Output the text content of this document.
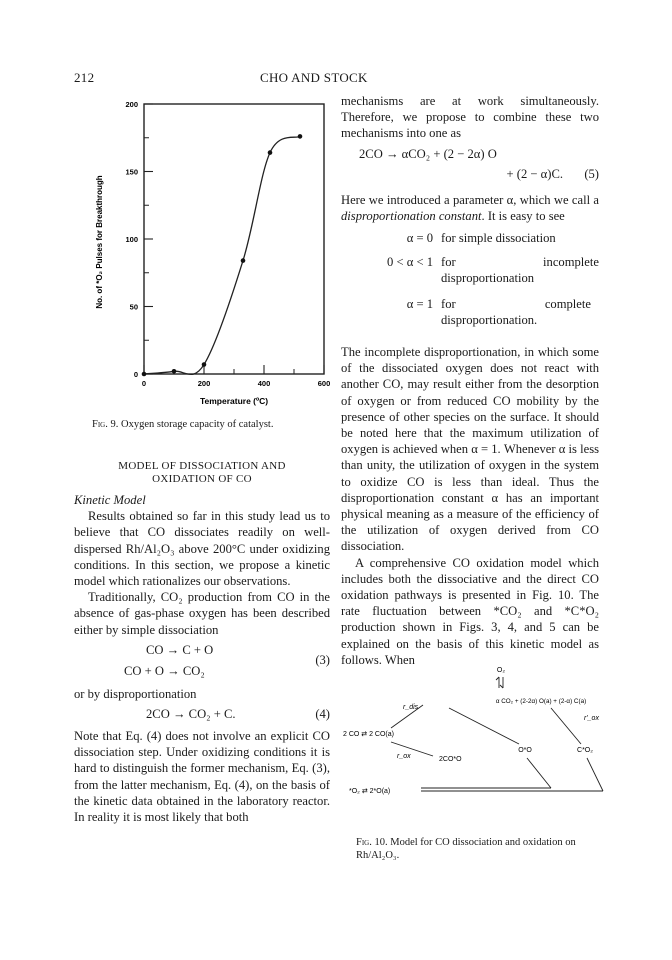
212	CHO AND STOCK
0
50
100
150
200
0	200	400	600
No. of *O₂ Pulses for Breakthrough
Temperature (ºC)
Fig. 9. Oxygen storage capacity of catalyst.
MODEL OF DISSOCIATION AND
OXIDATION OF CO
Kinetic Model

Results obtained so far in this study lead us to believe that CO dissociates readily on well-dispersed Rh/Al₂O₃ above 200°C under oxidizing conditions. In this section, we propose a kinetic model which rationalizes our observations.

Traditionally, CO₂ production from CO in the absence of gas-phase oxygen has been described either by simple dissociation

CO → C + O
CO + O → CO₂
(3)
or by disproportionation
2CO → CO₂ + C.	(4)

Note that Eq. (4) does not involve an explicit CO dissociation step. Under oxidizing conditions it is hard to distinguish the former mechanism, Eq. (3), from the latter mechanism, Eq. (4), on the basis of the kinetic data obtained in the laboratory reactor. In reality it is most likely that both

mechanisms are at work simultaneously. Therefore, we propose to combine these two mechanisms into one as

2CO → αCO₂ + (2 − 2α) O
+ (2 − α)C. (5)

Here we introduced a parameter α, which we call a disproportionation constant. It is easy to see

α = 0 for simple dissociation
0 < α < 1 for incomplete disproportionation
α = 1 for complete disproportionation.

The incomplete disproportionation, in which some of the dissociated oxygen does not react with another CO, may result either from the desorption of oxygen or from reduced CO mobility by the presence of other species on the surface. It should be noted here that the maximum utilization of oxygen is achieved when α = 1. Whenever α is less than unity, the utilization of oxygen in the system to oxidize CO is less than ideal. Thus the disproportionation constant α has an important physical meaning as a measure of the efficiency of the utilization of oxygen derived from CO dissociation.

A comprehensive CO oxidation model which includes both the dissociative and the direct CO oxidation pathways is presented in Fig. 10. The rate fluctuation between *CO₂ and *C*O₂ production shown in Figs. 3, 4, and 5 can be explained on the basis of this kinetic model as follows. When

O₂
α CO₂ + (2-2α) O(a) + (2-α) C(a)
r_dis
r'_ox
2 CO ⇄ 2 CO(a)
r_ox	2CO*O
O*O	C*O₂
*O₂ ⇄ 2*O(a)
Fig. 10. Model for CO dissociation and oxidation on Rh/Al₂O₃.
